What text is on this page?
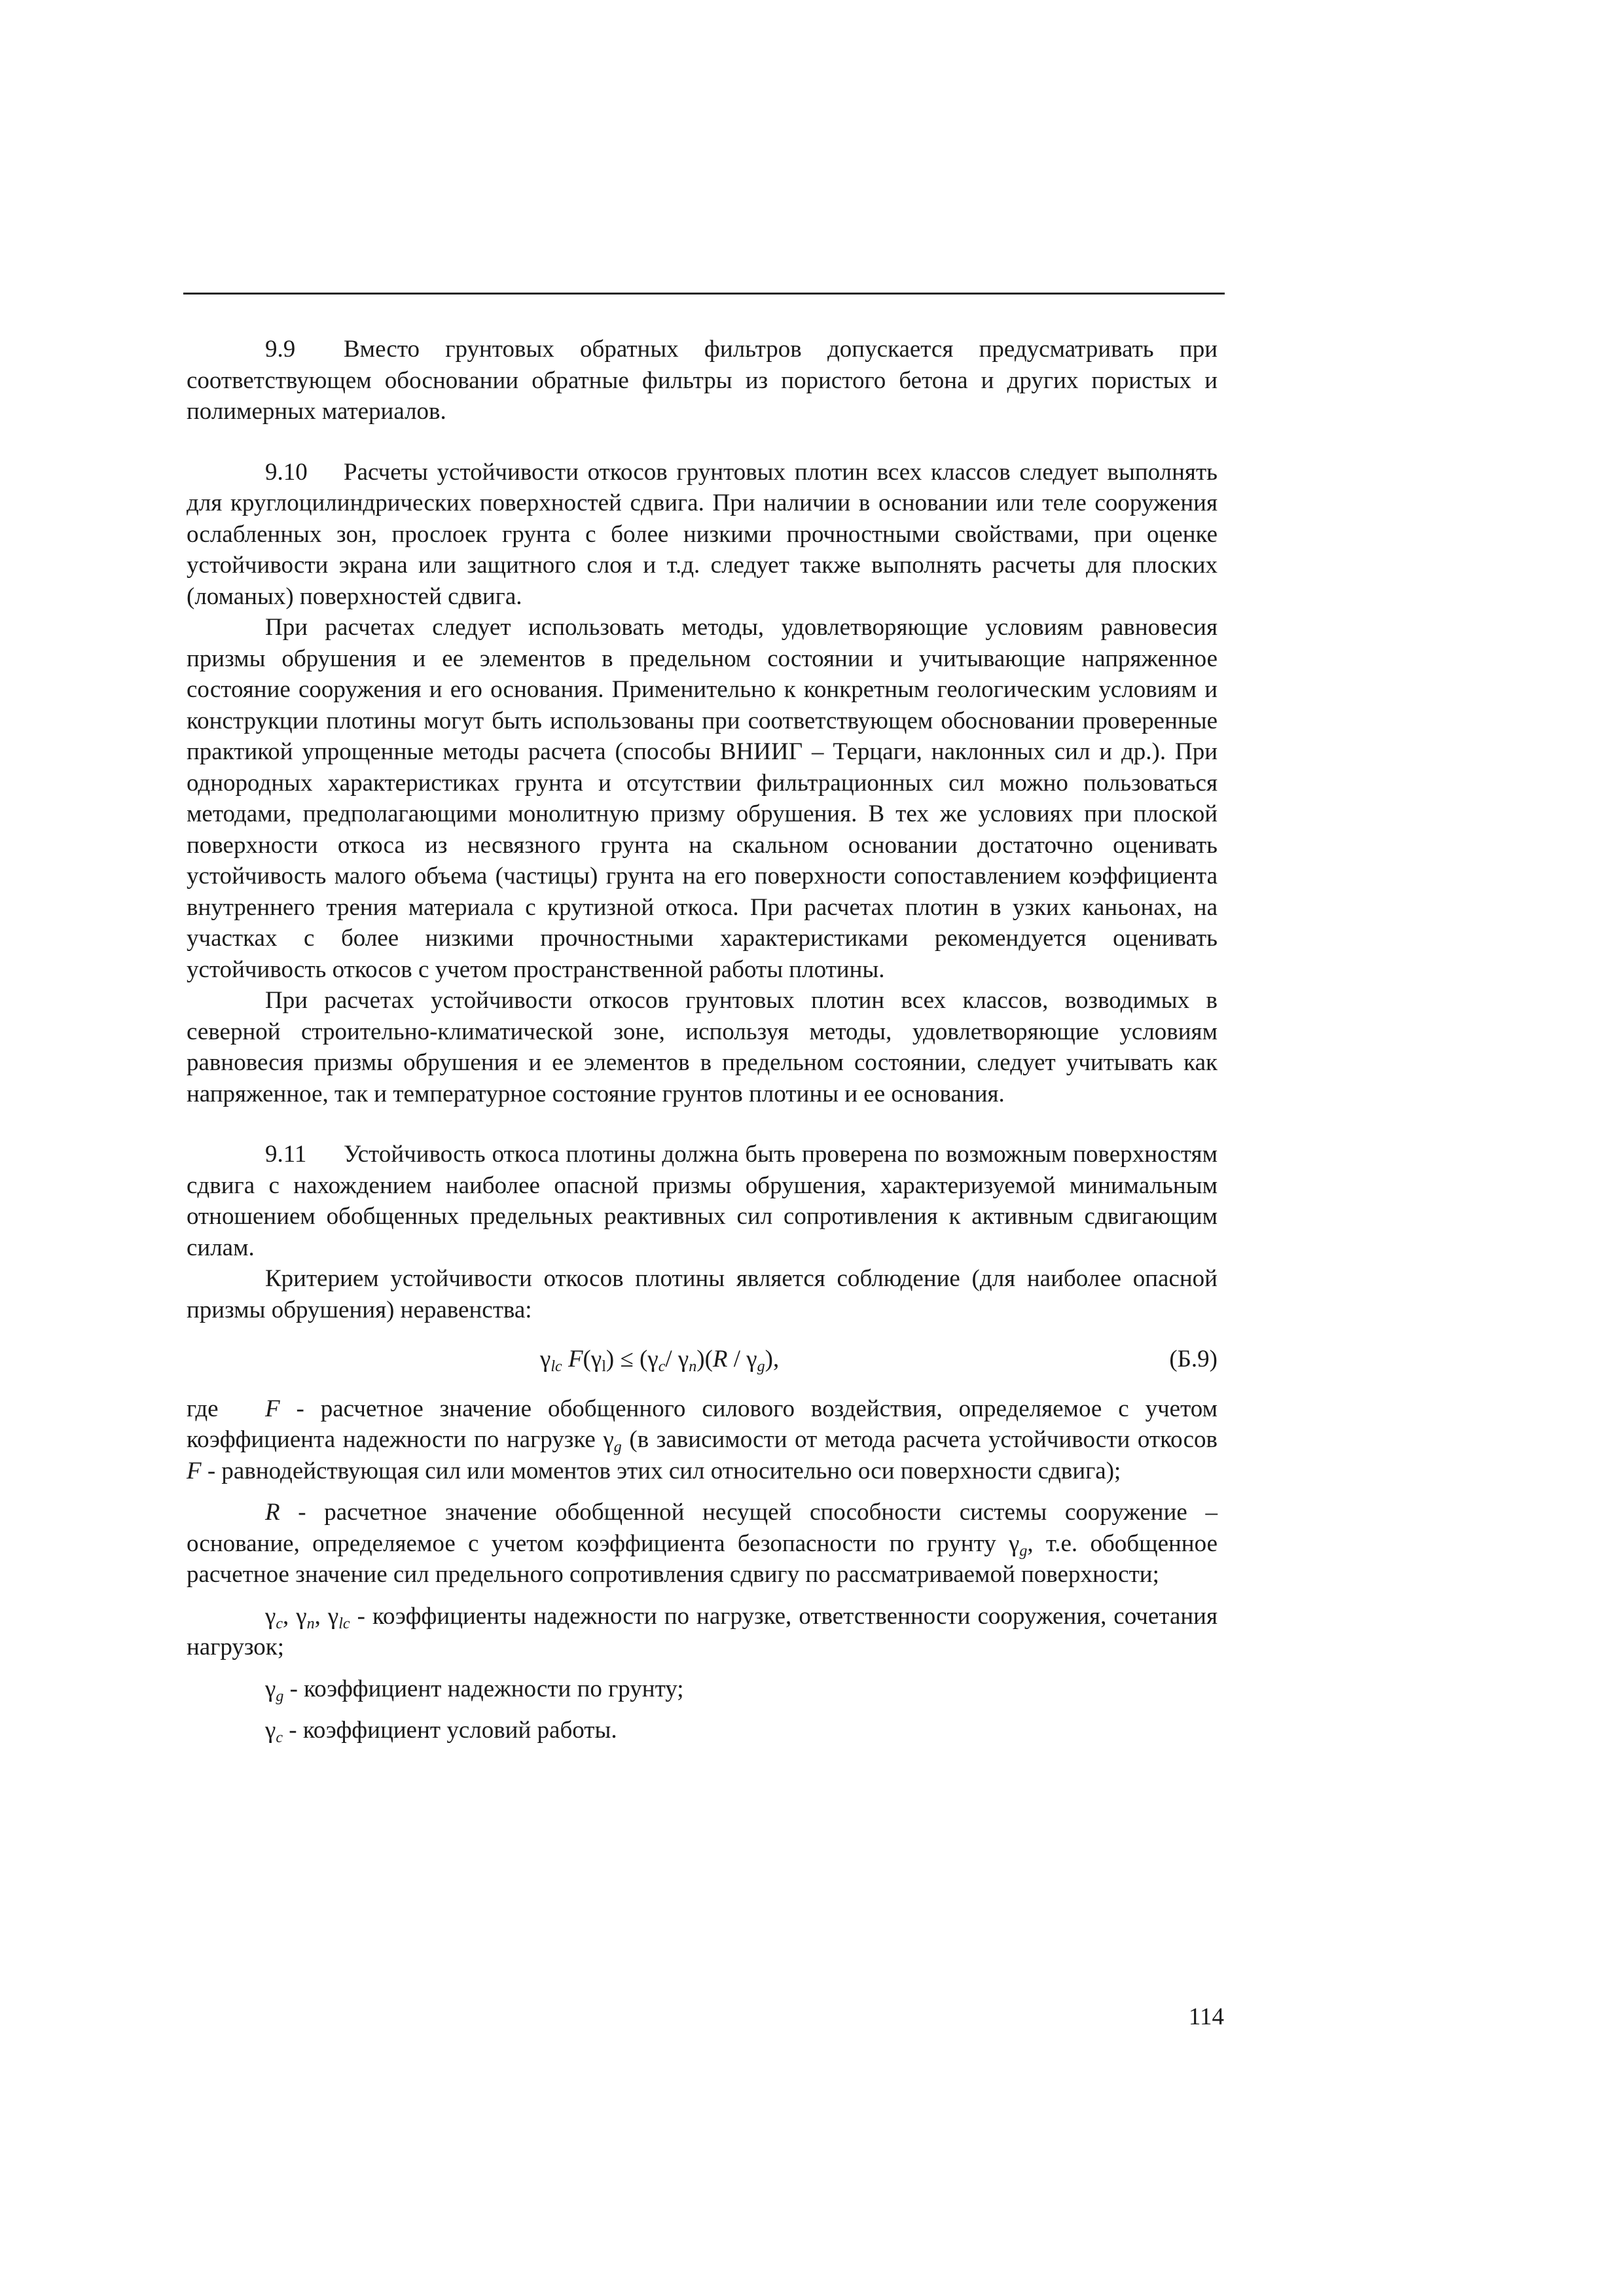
9.9 Вместо грунтовых обратных фильтров допускается предусматривать при соответствующем обосновании обратные фильтры из пористого бетона и других пористых и полимерных материалов.

9.10 Расчеты устойчивости откосов грунтовых плотин всех классов следует выполнять для круглоцилиндрических поверхностей сдвига. При наличии в основании или теле сооружения ослабленных зон, прослоек грунта с более низкими прочностными свойствами, при оценке устойчивости экрана или защитного слоя и т.д. следует также выполнять расчеты для плоских (ломаных) поверхностей сдвига.

При расчетах следует использовать методы, удовлетворяющие условиям равновесия призмы обрушения и ее элементов в предельном состоянии и учитывающие напряженное состояние сооружения и его основания. Применительно к конкретным геологическим условиям и конструкции плотины могут быть использованы при соответствующем обосновании проверенные практикой упрощенные методы расчета (способы ВНИИГ – Терцаги, наклонных сил и др.). При однородных характеристиках грунта и отсутствии фильтрационных сил можно пользоваться методами, предполагающими монолитную призму обрушения. В тех же условиях при плоской поверхности откоса из несвязного грунта на скальном основании достаточно оценивать устойчивость малого объема (частицы) грунта на его поверхности сопоставлением коэффициента внутреннего трения материала с крутизной откоса. При расчетах плотин в узких каньонах, на участках с более низкими прочностными характеристиками рекомендуется оценивать устойчивость откосов с учетом пространственной работы плотины.

При расчетах устойчивости откосов грунтовых плотин всех классов, возводимых в северной строительно-климатической зоне, используя методы, удовлетворяющие условиям равновесия призмы обрушения и ее элементов в предельном состоянии, следует учитывать как напряженное, так и температурное состояние грунтов плотины и ее основания.

9.11 Устойчивость откоса плотины должна быть проверена по возможным поверхностям сдвига с нахождением наиболее опасной призмы обрушения, характеризуемой минимальным отношением обобщенных предельных реактивных сил сопротивления к активным сдвигающим силам.

Критерием устойчивости откосов плотины является соблюдение (для наиболее опасной призмы обрушения) неравенства:

$\gamma_{lc}$ $F(\gamma_l) \le (\gamma_c/$ $\gamma_n)(R / \gamma_g)$,	(Б.9)

где F - расчетное значение обобщенного силового воздействия, определяемое с учетом коэффициента надежности по нагрузке $\gamma_g$ (в зависимости от метода расчета устойчивости откосов F - равнодействующая сил или моментов этих сил относительно оси поверхности сдвига);

R - расчетное значение обобщенной несущей способности системы сооружение – основание, определяемое с учетом коэффициента безопасности по грунту $\gamma_g$, т.е. обобщенное расчетное значение сил предельного сопротивления сдвигу по рассматриваемой поверхности;

$\gamma_c$, $\gamma_n$, $\gamma_{lc}$ - коэффициенты надежности по нагрузке, ответственности сооружения, сочетания нагрузок;

$\gamma_g$ - коэффициент надежности по грунту;

$\gamma_c$ - коэффициент условий работы.

114
